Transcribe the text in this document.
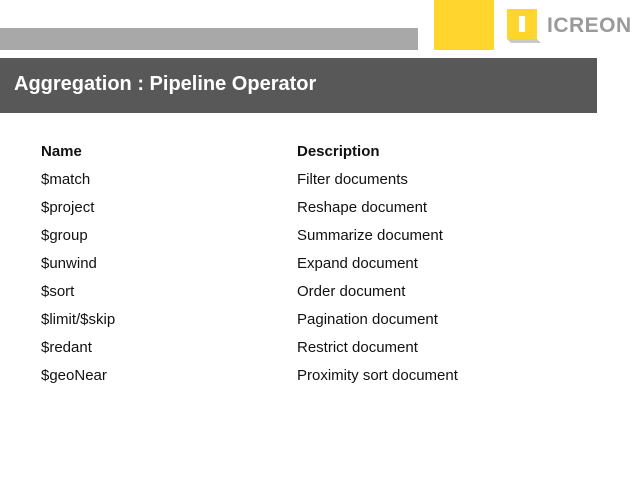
ICREON
Aggregation : Pipeline Operator
Name	Description
$match	Filter documents
$project	Reshape document
$group	Summarize document
$unwind	Expand document
$sort	Order document
$limit/$skip	Pagination document
$redant	Restrict document
$geoNear	Proximity sort document
